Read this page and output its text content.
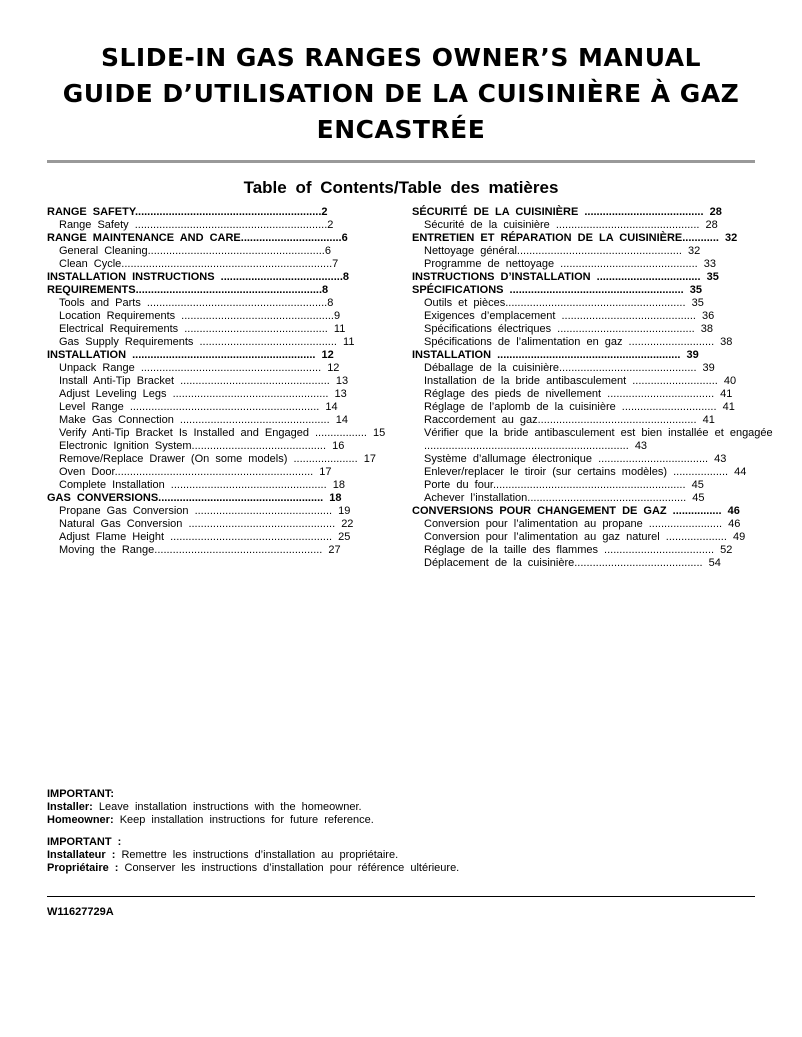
SLIDE-IN GAS RANGES OWNER’S MANUAL
GUIDE D’UTILISATION DE LA CUISINIÈRE À GAZ
ENCASTRÉE
Table of Contents/Table des matières
RANGE SAFETY.............................................................2
Range Safety ...............................................................2
RANGE MAINTENANCE AND CARE.................................6
General Cleaning..........................................................6
Clean Cycle.....................................................................7
INSTALLATION INSTRUCTIONS ........................................8
REQUIREMENTS.............................................................8
Tools and Parts ...........................................................8
Location Requirements ..................................................9
Electrical Requirements ............................................... 11
Gas Supply Requirements ............................................. 11
INSTALLATION ............................................................ 12
Unpack Range ........................................................... 12
Install Anti-Tip Bracket ................................................. 13
Adjust Leveling Legs ................................................... 13
Level Range .............................................................. 14
Make Gas Connection ................................................. 14
Verify Anti-Tip Bracket Is Installed and Engaged ................. 15
Electronic Ignition System............................................ 16
Remove/Replace Drawer (On some models) ..................... 17
Oven Door................................................................. 17
Complete Installation ................................................... 18
GAS CONVERSIONS...................................................... 18
Propane Gas Conversion ............................................. 19
Natural Gas Conversion ................................................ 22
Adjust Flame Height ..................................................... 25
Moving the Range....................................................... 27
SÉCURITÉ DE LA CUISINIÈRE ....................................... 28
Sécurité de la cuisinière ............................................... 28
ENTRETIEN ET RÉPARATION DE LA CUISINIÈRE............ 32
Nettoyage général...................................................... 32
Programme de nettoyage ............................................. 33
INSTRUCTIONS D’INSTALLATION .................................. 35
SPÉCIFICATIONS ......................................................... 35
Outils et pièces........................................................... 35
Exigences d’emplacement ............................................ 36
Spécifications électriques ............................................. 38
Spécifications de l’alimentation en gaz ............................ 38
INSTALLATION ............................................................ 39
Déballage de la cuisinière............................................. 39
Installation de la bride antibasculement ............................ 40
Réglage des pieds de nivellement ................................... 41
Réglage de l’aplomb de la cuisinière ............................... 41
Raccordement au gaz.................................................... 41
Vérifier que la bride antibasculement est bien installée et engagée ................................................................... 43
Système d’allumage électronique .................................... 43
Enlever/replacer le tiroir (sur certains modèles) .................. 44
Porte du four............................................................... 45
Achever l’installation.................................................... 45
CONVERSIONS POUR CHANGEMENT DE GAZ ................ 46
Conversion pour l’alimentation au propane ........................ 46
Conversion pour l’alimentation au gaz naturel .................... 49
Réglage de la taille des flammes .................................... 52
Déplacement de la cuisinière.......................................... 54
IMPORTANT:
Installer: Leave installation instructions with the homeowner.
Homeowner: Keep installation instructions for future reference.
IMPORTANT :
Installateur : Remettre les instructions d’installation au propriétaire.
Propriétaire : Conserver les instructions d’installation pour référence ultérieure.
W11627729A
